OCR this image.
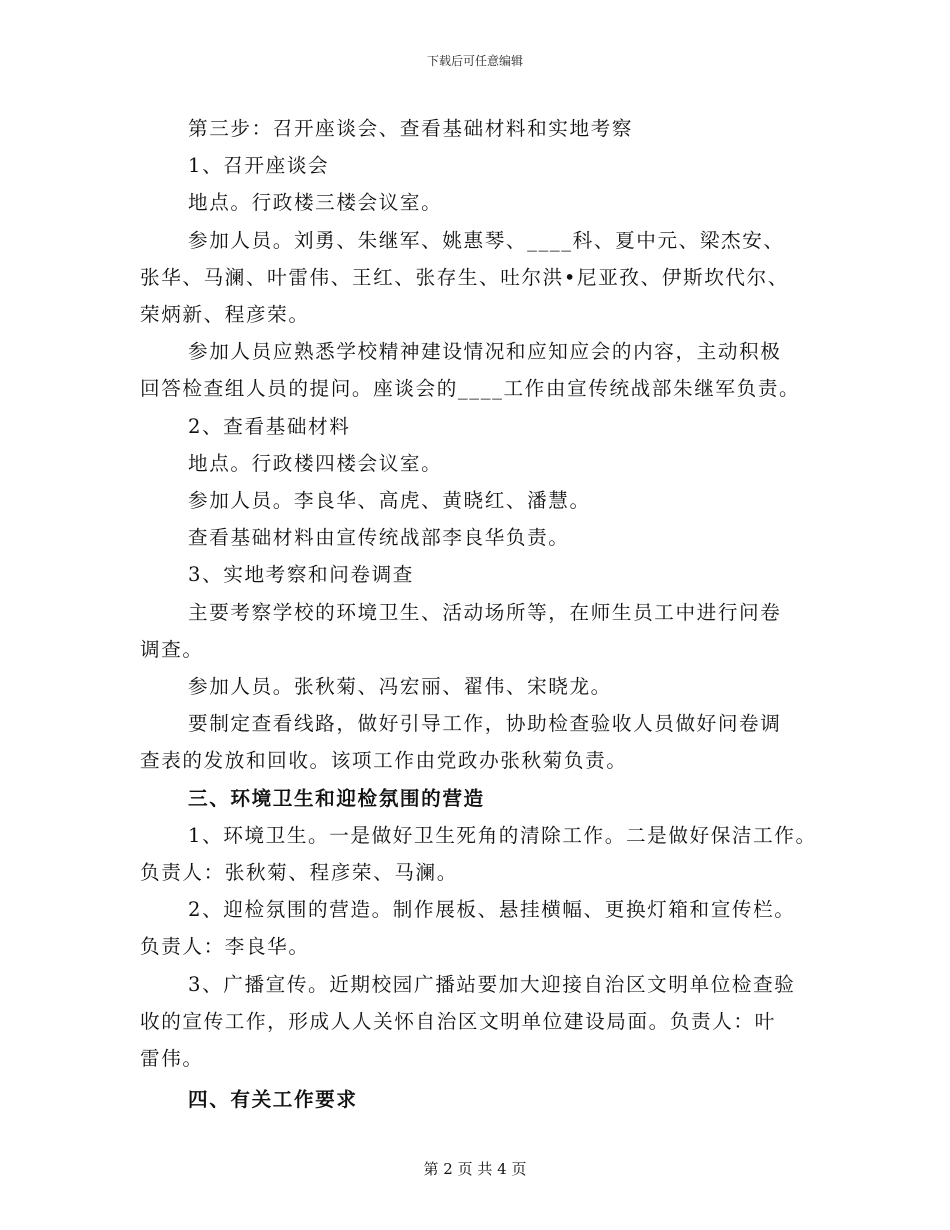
下载后可任意编辑

第三步：召开座谈会、查看基础材料和实地考察

1、召开座谈会

地点。行政楼三楼会议室。

参加人员。刘勇、朱继军、姚惠琴、____科、夏中元、梁杰安、
张华、马澜、叶雷伟、王红、张存生、吐尔洪•尼亚孜、伊斯坎代尔、
荣炳新、程彦荣。

参加人员应熟悉学校精神建设情况和应知应会的内容，主动积极
回答检查组人员的提问。座谈会的____工作由宣传统战部朱继军负责。

2、查看基础材料

地点。行政楼四楼会议室。

参加人员。李良华、高虎、黄晓红、潘慧。

查看基础材料由宣传统战部李良华负责。

3、实地考察和问卷调查

主要考察学校的环境卫生、活动场所等，在师生员工中进行问卷
调查。

参加人员。张秋菊、冯宏丽、翟伟、宋晓龙。

要制定查看线路，做好引导工作，协助检查验收人员做好问卷调
查表的发放和回收。该项工作由党政办张秋菊负责。

三、环境卫生和迎检氛围的营造

1、环境卫生。一是做好卫生死角的清除工作。二是做好保洁工作。
负责人：张秋菊、程彦荣、马澜。

2、迎检氛围的营造。制作展板、悬挂横幅、更换灯箱和宣传栏。
负责人：李良华。

3、广播宣传。近期校园广播站要加大迎接自治区文明单位检查验
收的宣传工作，形成人人关怀自治区文明单位建设局面。负责人：叶
雷伟。

四、有关工作要求

第 2 页 共 4 页
